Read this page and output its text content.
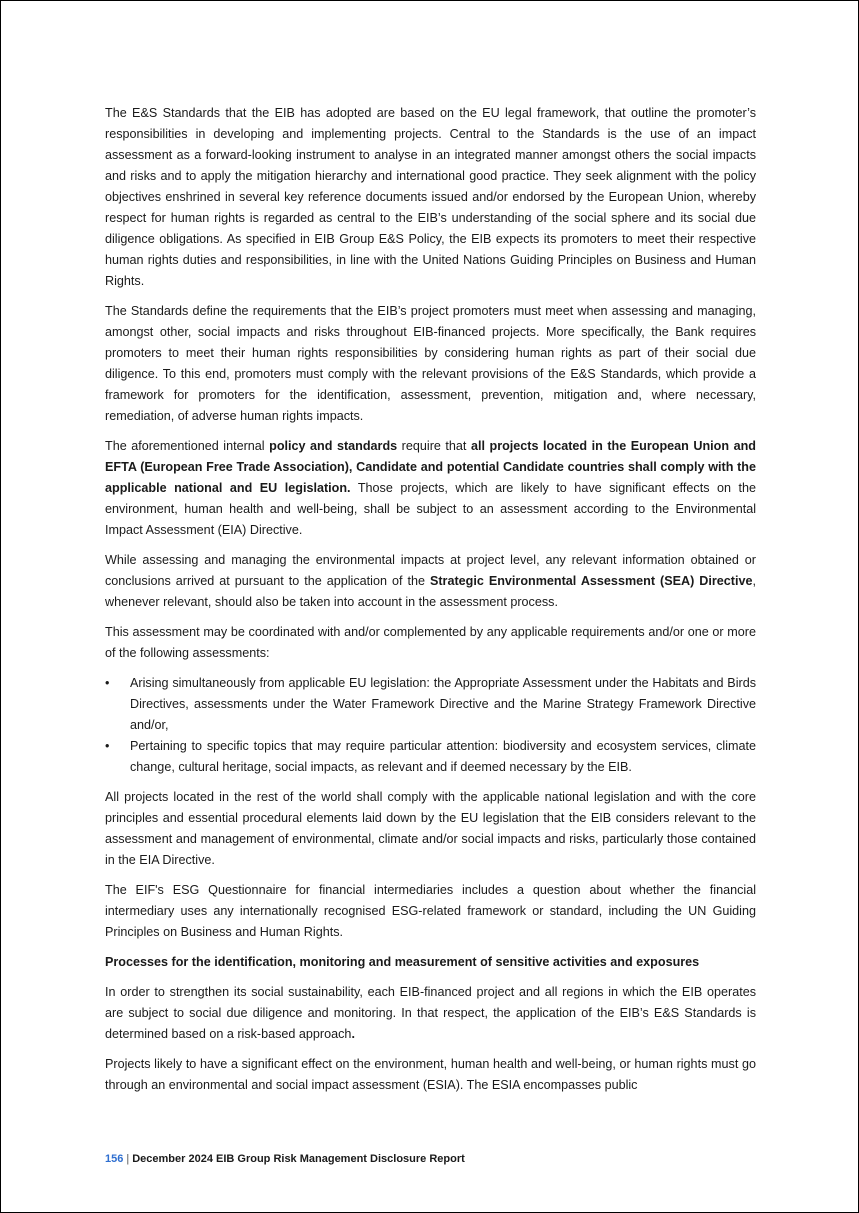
The E&S Standards that the EIB has adopted are based on the EU legal framework, that outline the promoter’s responsibilities in developing and implementing projects. Central to the Standards is the use of an impact assessment as a forward-looking instrument to analyse in an integrated manner amongst others the social impacts and risks and to apply the mitigation hierarchy and international good practice. They seek alignment with the policy objectives enshrined in several key reference documents issued and/or endorsed by the European Union, whereby respect for human rights is regarded as central to the EIB’s understanding of the social sphere and its social due diligence obligations. As specified in EIB Group E&S Policy, the EIB expects its promoters to meet their respective human rights duties and responsibilities, in line with the United Nations Guiding Principles on Business and Human Rights.

The Standards define the requirements that the EIB’s project promoters must meet when assessing and managing, amongst other, social impacts and risks throughout EIB-financed projects. More specifically, the Bank requires promoters to meet their human rights responsibilities by considering human rights as part of their social due diligence. To this end, promoters must comply with the relevant provisions of the E&S Standards, which provide a framework for promoters for the identification, assessment, prevention, mitigation and, where necessary, remediation, of adverse human rights impacts.

The aforementioned internal policy and standards require that all projects located in the European Union and EFTA (European Free Trade Association), Candidate and potential Candidate countries shall comply with the applicable national and EU legislation. Those projects, which are likely to have significant effects on the environment, human health and well-being, shall be subject to an assessment according to the Environmental Impact Assessment (EIA) Directive.

While assessing and managing the environmental impacts at project level, any relevant information obtained or conclusions arrived at pursuant to the application of the Strategic Environmental Assessment (SEA) Directive, whenever relevant, should also be taken into account in the assessment process.

This assessment may be coordinated with and/or complemented by any applicable requirements and/or one or more of the following assessments:

• Arising simultaneously from applicable EU legislation: the Appropriate Assessment under the Habitats and Birds Directives, assessments under the Water Framework Directive and the Marine Strategy Framework Directive and/or,
• Pertaining to specific topics that may require particular attention: biodiversity and ecosystem services, climate change, cultural heritage, social impacts, as relevant and if deemed necessary by the EIB.

All projects located in the rest of the world shall comply with the applicable national legislation and with the core principles and essential procedural elements laid down by the EU legislation that the EIB considers relevant to the assessment and management of environmental, climate and/or social impacts and risks, particularly those contained in the EIA Directive.

The EIF's ESG Questionnaire for financial intermediaries includes a question about whether the financial intermediary uses any internationally recognised ESG-related framework or standard, including the UN Guiding Principles on Business and Human Rights.

Processes for the identification, monitoring and measurement of sensitive activities and exposures

In order to strengthen its social sustainability, each EIB-financed project and all regions in which the EIB operates are subject to social due diligence and monitoring. In that respect, the application of the EIB’s E&S Standards is determined based on a risk-based approach.

Projects likely to have a significant effect on the environment, human health and well-being, or human rights must go through an environmental and social impact assessment (ESIA). The ESIA encompasses public

156 | December 2024 EIB Group Risk Management Disclosure Report
